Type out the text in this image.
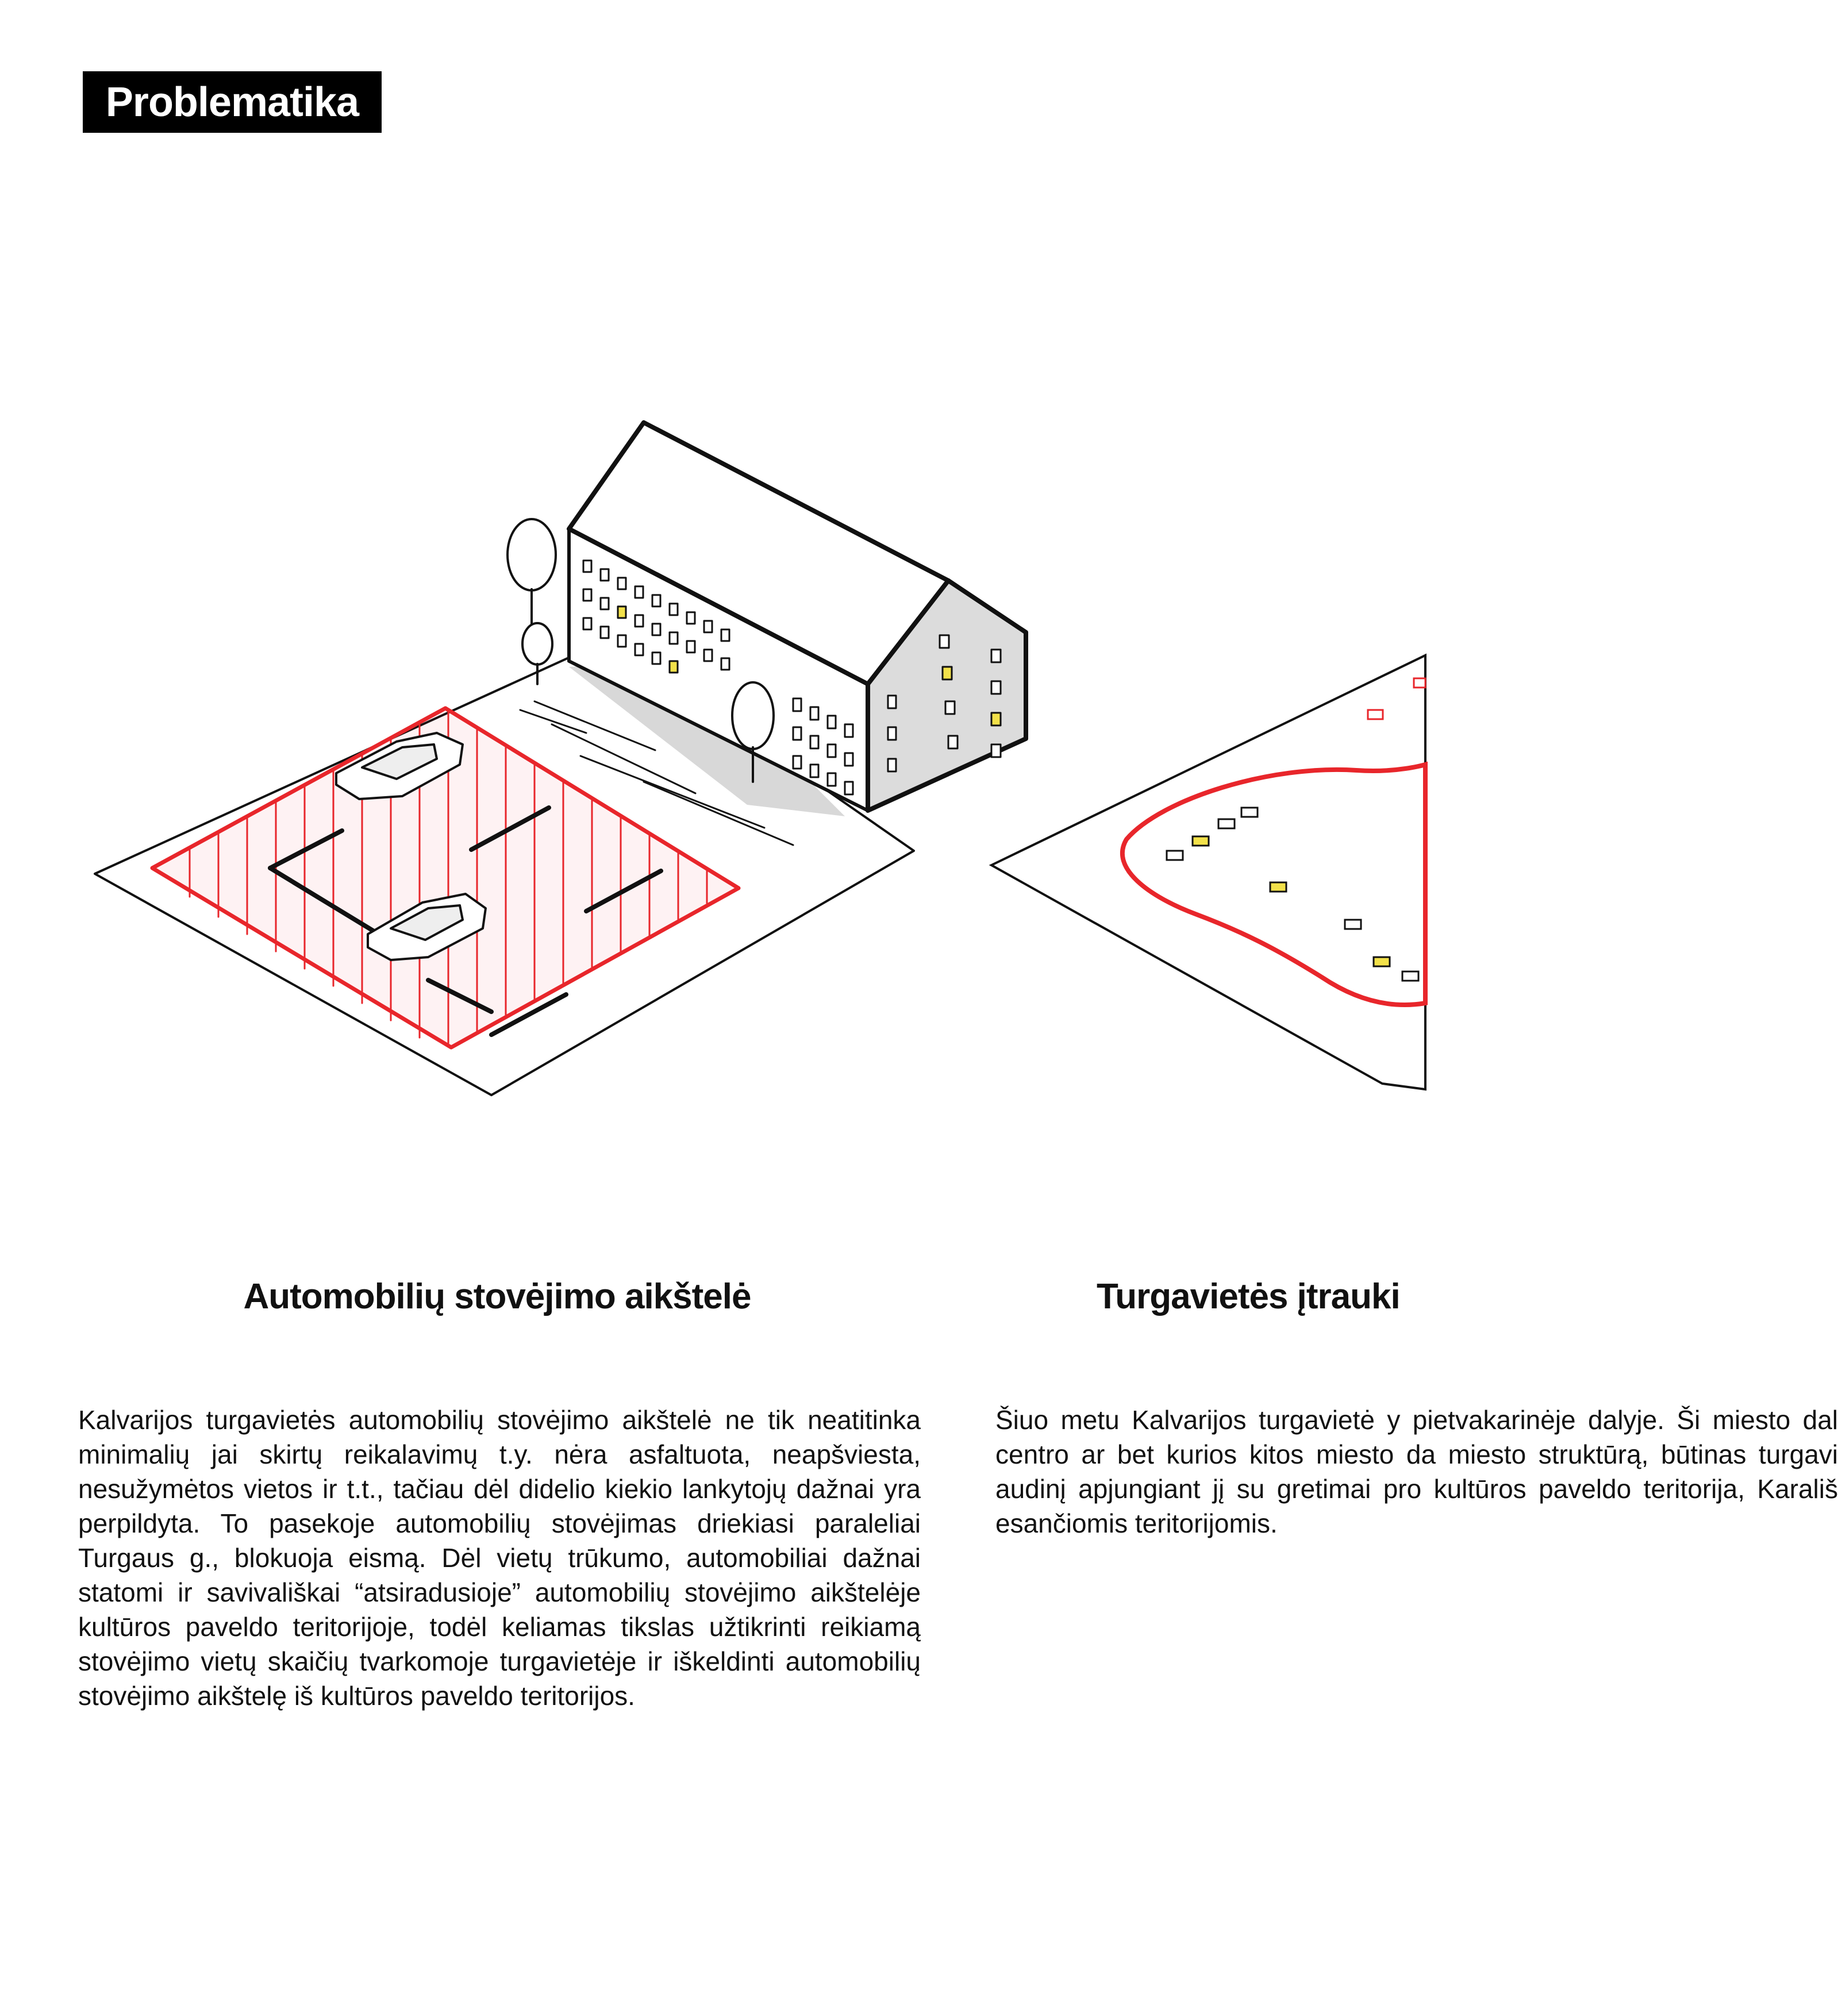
Problematika
Automobilių stovėjimo aikštelė	Turgavietės įtrauki

Kalvarijos turgavietės automobilių stovėjimo aikštelė ne tik neatitinka minimalių jai skirtų reikalavimų t.y. nėra asfaltuota, neapšviesta, nesužymėtos vietos ir t.t., tačiau dėl didelio kiekio lankytojų dažnai yra perpildyta. To pasekoje automobilių stovėjimas driekiasi paraleliai Turgaus g., blokuoja eismą. Dėl vietų trūkumo, automobiliai dažnai statomi ir savivališkai “atsiradusioje” automobilių stovėjimo aikštelėje kultūros paveldo teritorijoje, todėl keliamas tikslas užtikrinti reikiamą stovėjimo vietų skaičių tvarkomoje turgavietėje ir iškeldinti automobilių stovėjimo aikštelę iš kultūros paveldo teritorijos.

Šiuo metu Kalvarijos turgavietė y pietvakarinėje dalyje. Ši miesto dal centro ar bet kurios kitos miesto da miesto struktūrą, būtinas turgavi audinį apjungiant jį su gretimai pro kultūros paveldo teritorija, Karališ esančiomis teritorijomis.
